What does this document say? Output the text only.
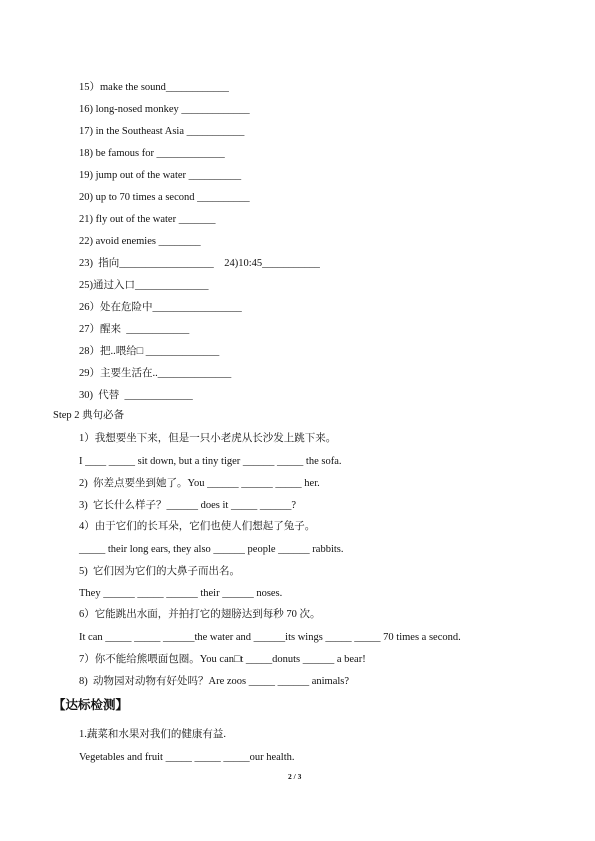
15）make the sound____________
16) long-nosed monkey _____________
17) in the Southeast Asia ___________
18) be famous for _____________
19) jump out of the water __________
20) up to 70 times a second __________
21) fly out of the water _______
22) avoid enemies ________
23)  指向__________________    24)10:45___________
25)通过入口______________
26）处在危险中_________________
27）醒来  ____________
28）把..喂给□ ______________
29）主要生活在..______________
30)  代替  _____________
Step 2 典句必备
1）我想要坐下来，但是一只小老虎从长沙发上跳下来。
I ____ _____ sit down, but a tiny tiger ______ _____ the sofa.
2)  你差点要坐到她了。You ______ ______ _____ her.
3)  它长什么样子？______ does it _____ ______?
4）由于它们的长耳朵，它们也使人们想起了兔子。
_____ their long ears, they also ______ people ______ rabbits.
5)  它们因为它们的大鼻子而出名。
They ______ _____ ______ their ______ noses.
6）它能跳出水面，并拍打它的翅膀达到每秒 70 次。
It can _____ _____ ______the water and ______its wings _____ _____ 70 times a second.
7）你不能给熊喂面包圈。You can□t _____donuts ______ a bear!
8)  动物园对动物有好处吗？Are zoos _____ ______ animals?
【达标检测】
1.蔬菜和水果对我们的健康有益.
Vegetables and fruit _____ _____ _____our health.
2 / 3
